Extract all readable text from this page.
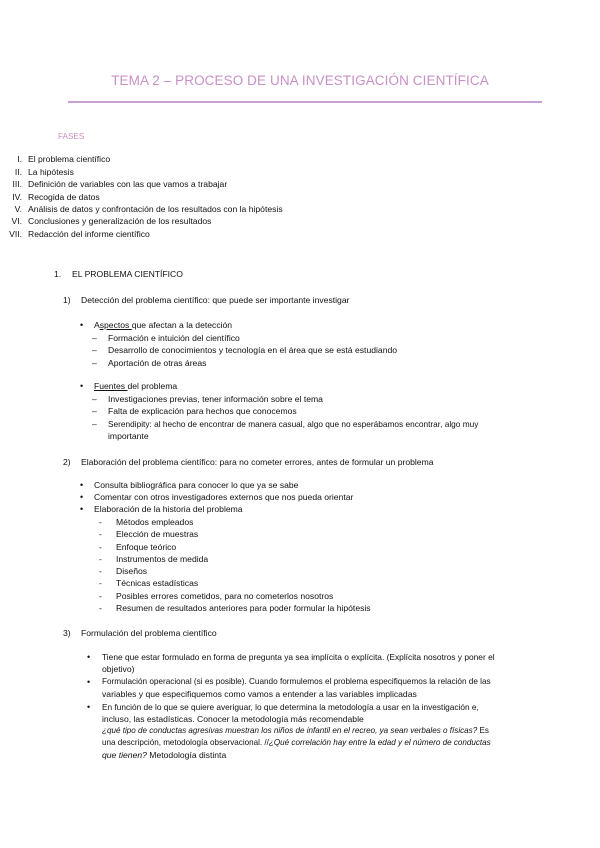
TEMA 2 – PROCESO DE UNA INVESTIGACIÓN CIENTÍFICA
FASES
I. El problema científico
II. La hipótesis
III. Definición de variables con las que vamos a trabajar
IV. Recogida de datos
V. Análisis de datos y confrontación de los resultados con la hipótesis
VI. Conclusiones y generalización de los resultados
VII. Redacción del informe científico
1. EL PROBLEMA CIENTÍFICO
1) Detección del problema científico: que puede ser importante investigar
• Aspectos que afectan a la detección
– Formación e intuición del científico
– Desarrollo de conocimientos y tecnología en el área que se está estudiando
– Aportación de otras áreas
• Fuentes del problema
– Investigaciones previas, tener información sobre el tema
– Falta de explicación para hechos que conocemos
– Serendipity: al hecho de encontrar de manera casual, algo que no esperábamos encontrar, algo muy
importante
2) Elaboración del problema científico: para no cometer errores, antes de formular un problema
• Consulta bibliográfica para conocer lo que ya se sabe
• Comentar con otros investigadores externos que nos pueda orientar
• Elaboración de la historia del problema
- Métodos empleados
- Elección de muestras
- Enfoque teórico
- Instrumentos de medida
- Diseños
- Técnicas estadísticas
- Posibles errores cometidos, para no cometerlos nosotros
- Resumen de resultados anteriores para poder formular la hipótesis
3) Formulación del problema científico
• Tiene que estar formulado en forma de pregunta ya sea implícita o explícita. (Explícita nosotros y poner el
objetivo)
• Formulación operacional (si es posible). Cuando formulemos el problema especifiquemos la relación de las
variables y que especifiquemos como vamos a entender a las variables implicadas
• En función de lo que se quiere averiguar, lo que determina la metodología a usar en la investigación e,
incluso, las estadísticas. Conocer la metodología más recomendable
¿qué tipo de conductas agresivas muestran los niños de infantil en el recreo, ya sean verbales o físicas? Es
una descripción, metodología observacional. //¿Qué correlación hay entre la edad y el número de conductas
que tienen? Metodología distinta
